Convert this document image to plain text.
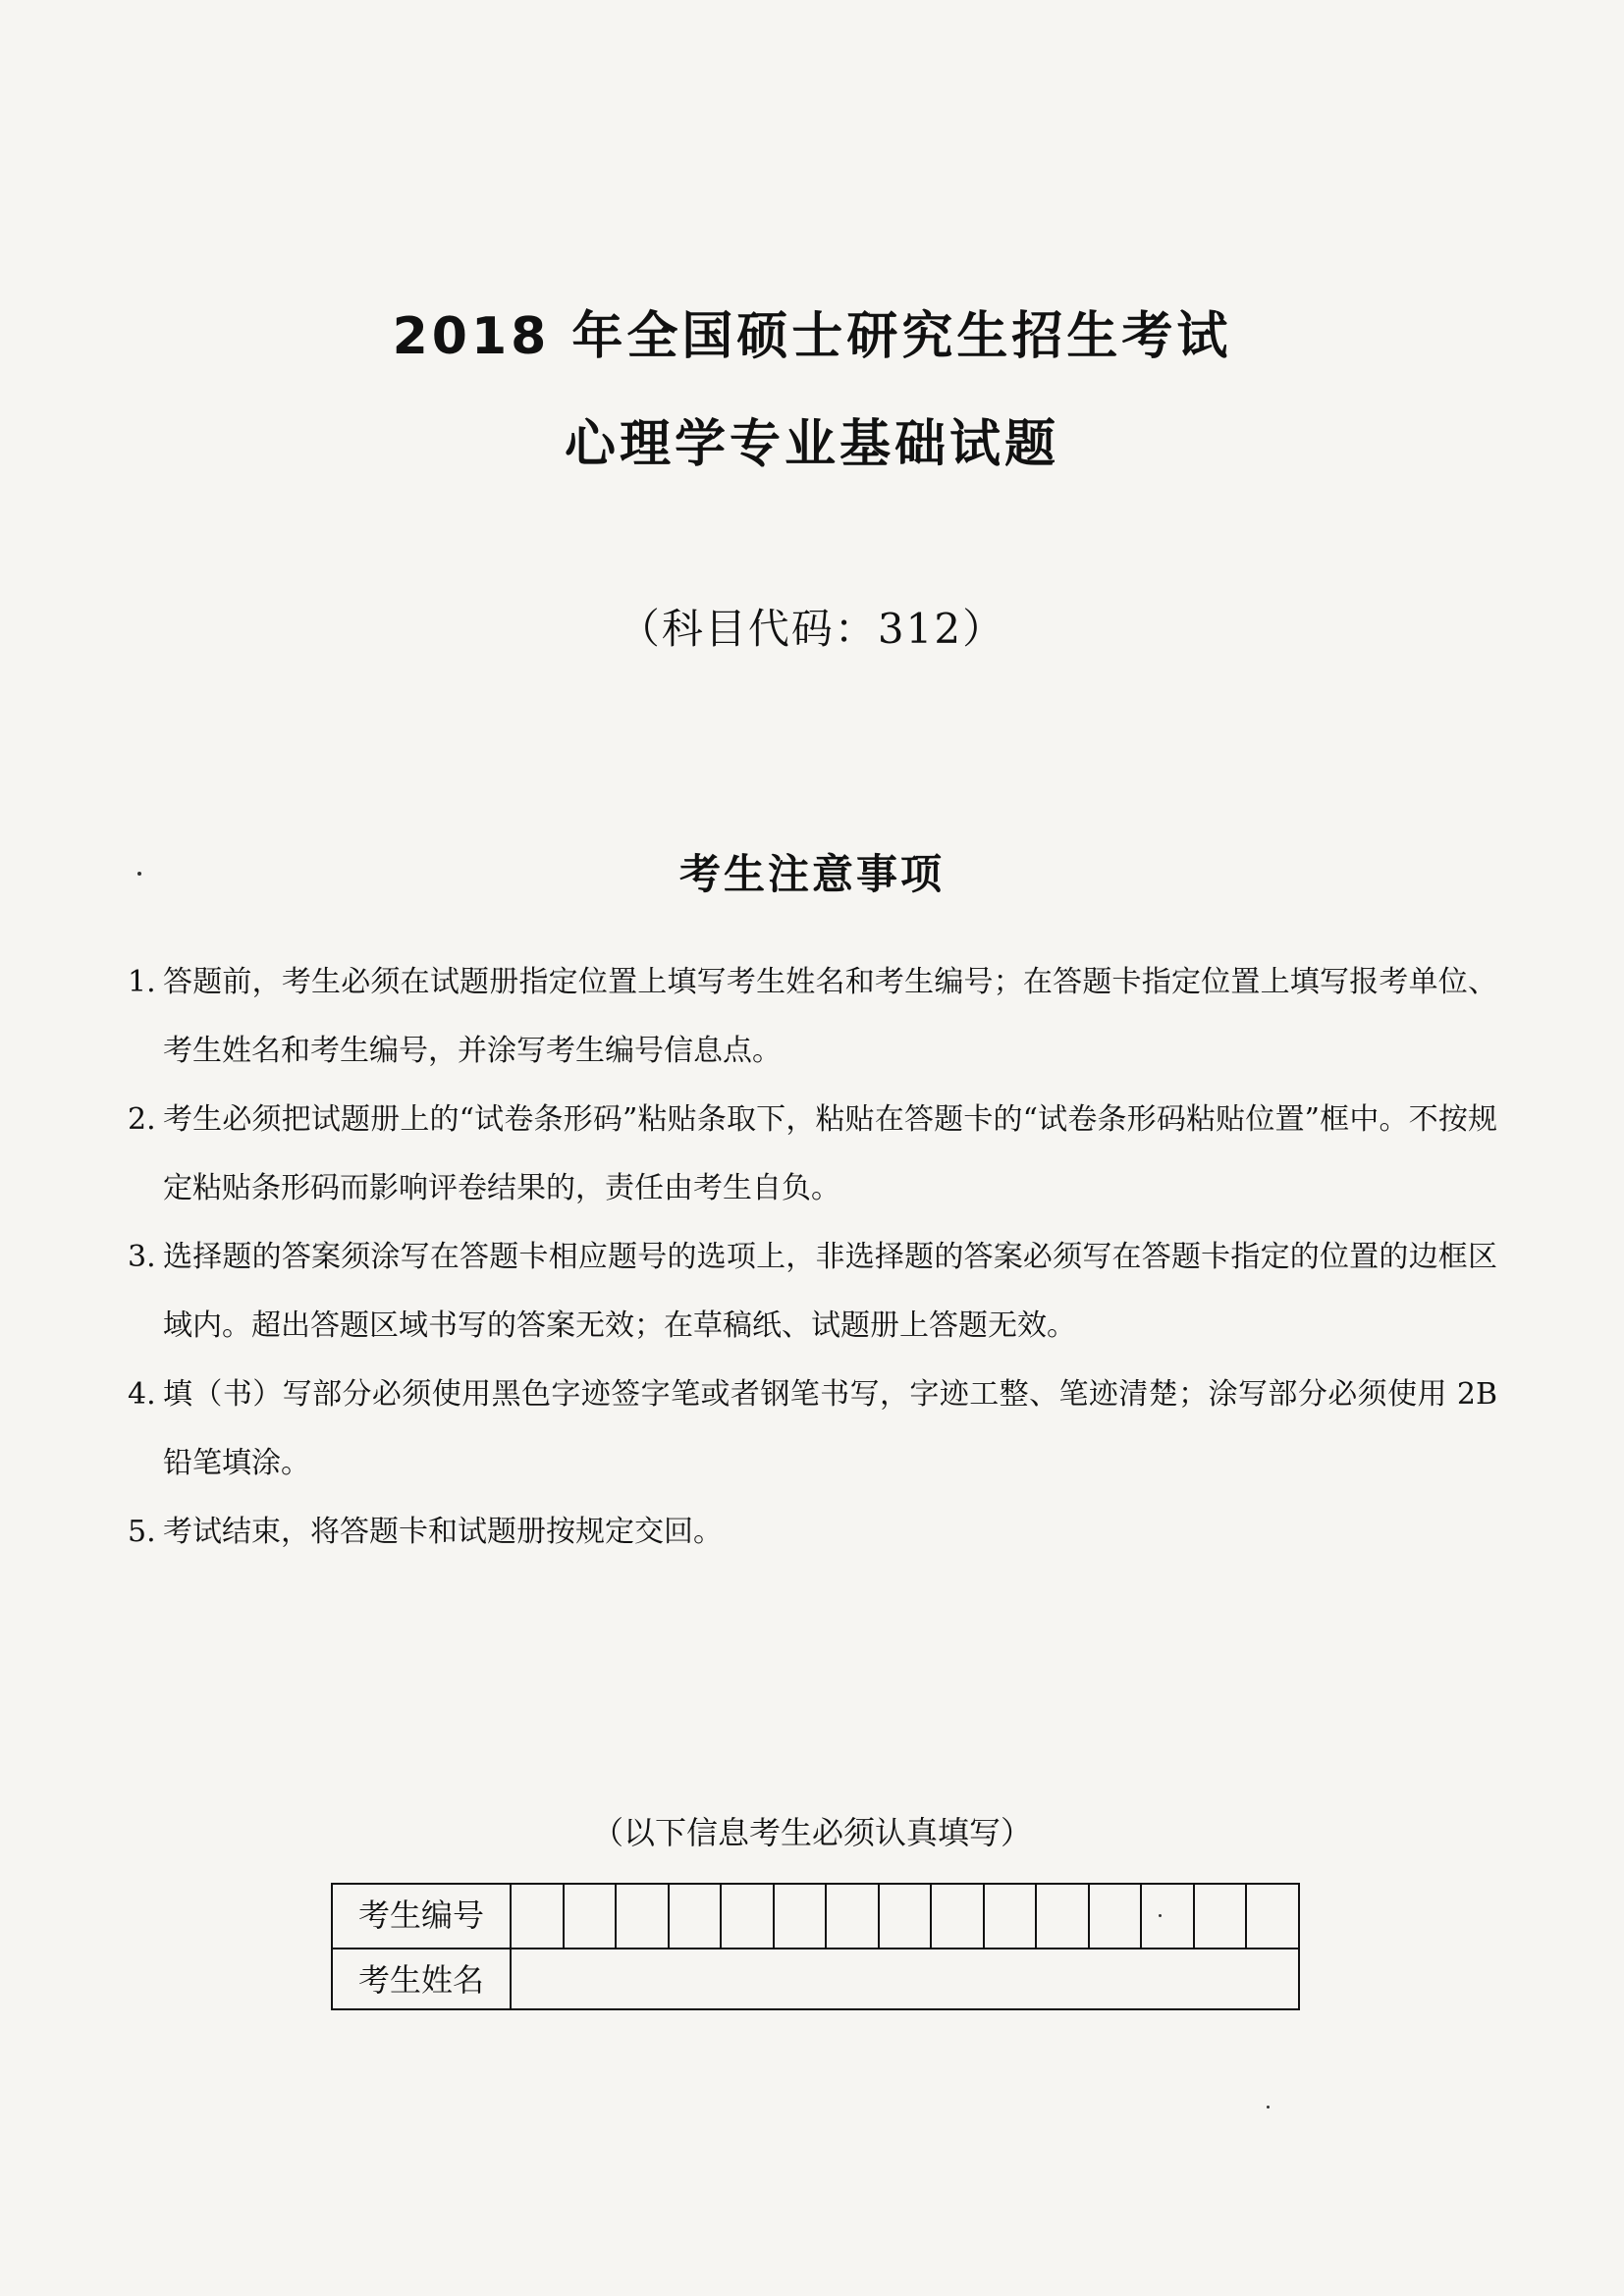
2018 年全国硕士研究生招生考试
心理学专业基础试题
（科目代码：312）
考生注意事项
1. 答题前，考生必须在试题册指定位置上填写考生姓名和考生编号；在答题卡指定位置上填写报考单位、考生姓名和考生编号，并涂写考生编号信息点。
2. 考生必须把试题册上的“试卷条形码”粘贴条取下，粘贴在答题卡的“试卷条形码粘贴位置”框中。不按规定粘贴条形码而影响评卷结果的，责任由考生自负。
3. 选择题的答案须涂写在答题卡相应题号的选项上，非选择题的答案必须写在答题卡指定的位置的边框区域内。超出答题区域书写的答案无效；在草稿纸、试题册上答题无效。
4. 填（书）写部分必须使用黑色字迹签字笔或者钢笔书写，字迹工整、笔迹清楚；涂写部分必须使用 2B 铅笔填涂。
5. 考试结束，将答题卡和试题册按规定交回。
（以下信息考生必须认真填写）
考生编号
考生姓名
